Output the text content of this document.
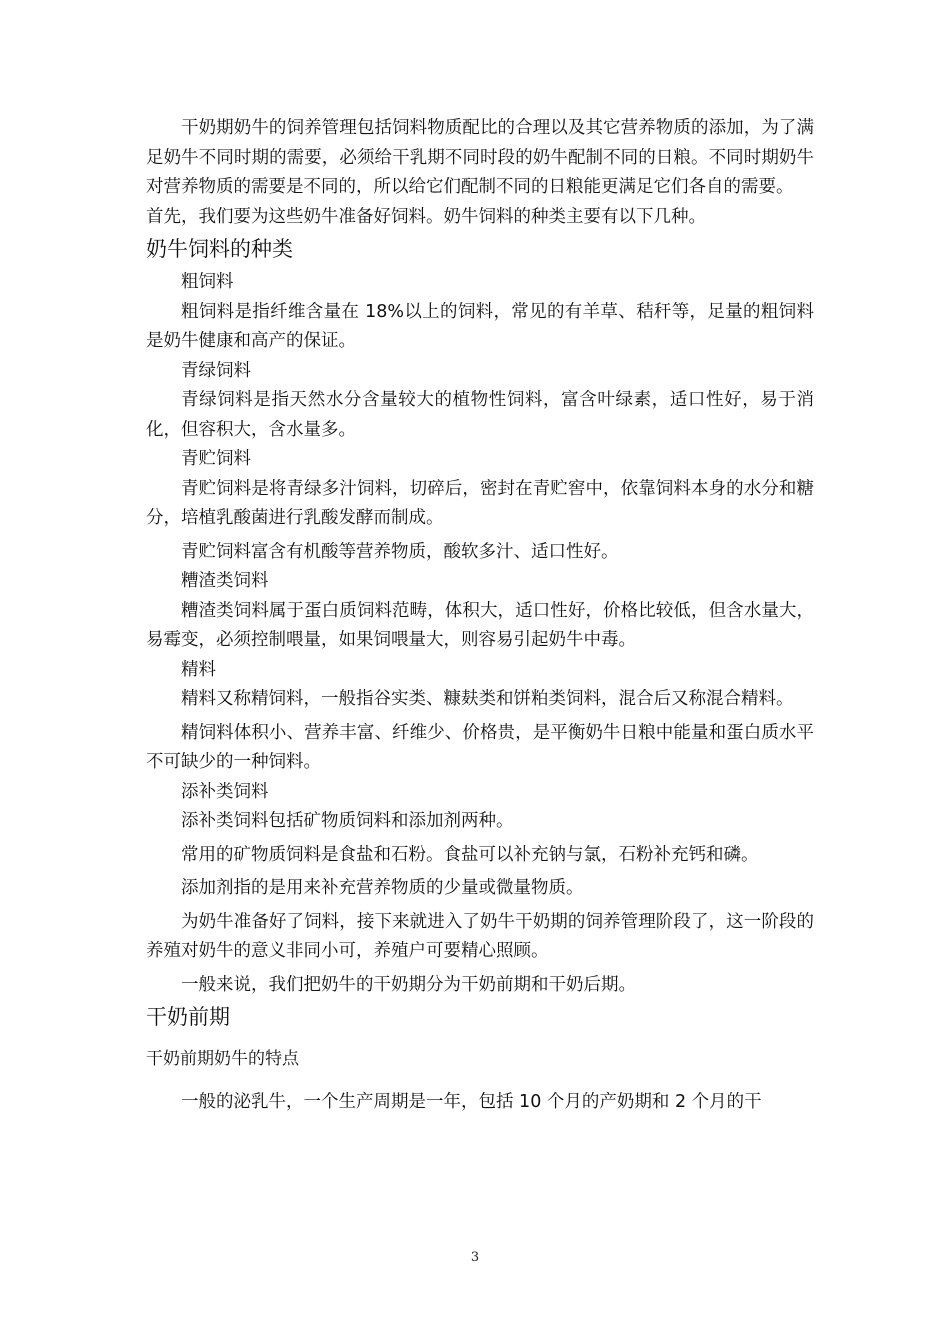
干奶期奶牛的饲养管理包括饲料物质配比的合理以及其它营养物质的添加，为了满足奶牛不同时期的需要，必须给干乳期不同时段的奶牛配制不同的日粮。不同时期奶牛对营养物质的需要是不同的，所以给它们配制不同的日粮能更满足它们各自的需要。

首先，我们要为这些奶牛准备好饲料。奶牛饲料的种类主要有以下几种。

奶牛饲料的种类
粗饲料

粗饲料是指纤维含量在 18%以上的饲料，常见的有羊草、秸秆等，足量的粗饲料是奶牛健康和高产的保证。

青绿饲料

青绿饲料是指天然水分含量较大的植物性饲料，富含叶绿素，适口性好，易于消化，但容积大，含水量多。

青贮饲料

青贮饲料是将青绿多汁饲料，切碎后，密封在青贮窖中，依靠饲料本身的水分和糖分，培植乳酸菌进行乳酸发酵而制成。

青贮饲料富含有机酸等营养物质，酸软多汁、适口性好。

糟渣类饲料

糟渣类饲料属于蛋白质饲料范畴，体积大，适口性好，价格比较低，但含水量大，易霉变，必须控制喂量，如果饲喂量大，则容易引起奶牛中毒。

精料

精料又称精饲料，一般指谷实类、糠麸类和饼粕类饲料，混合后又称混合精料。

精饲料体积小、营养丰富、纤维少、价格贵，是平衡奶牛日粮中能量和蛋白质水平不可缺少的一种饲料。

添补类饲料

添补类饲料包括矿物质饲料和添加剂两种。

常用的矿物质饲料是食盐和石粉。食盐可以补充钠与氯，石粉补充钙和磷。

添加剂指的是用来补充营养物质的少量或微量物质。

为奶牛准备好了饲料，接下来就进入了奶牛干奶期的饲养管理阶段了，这一阶段的养殖对奶牛的意义非同小可，养殖户可要精心照顾。

一般来说，我们把奶牛的干奶期分为干奶前期和干奶后期。

干奶前期
干奶前期奶牛的特点

一般的泌乳牛，一个生产周期是一年，包括 10 个月的产奶期和 2 个月的干

3
